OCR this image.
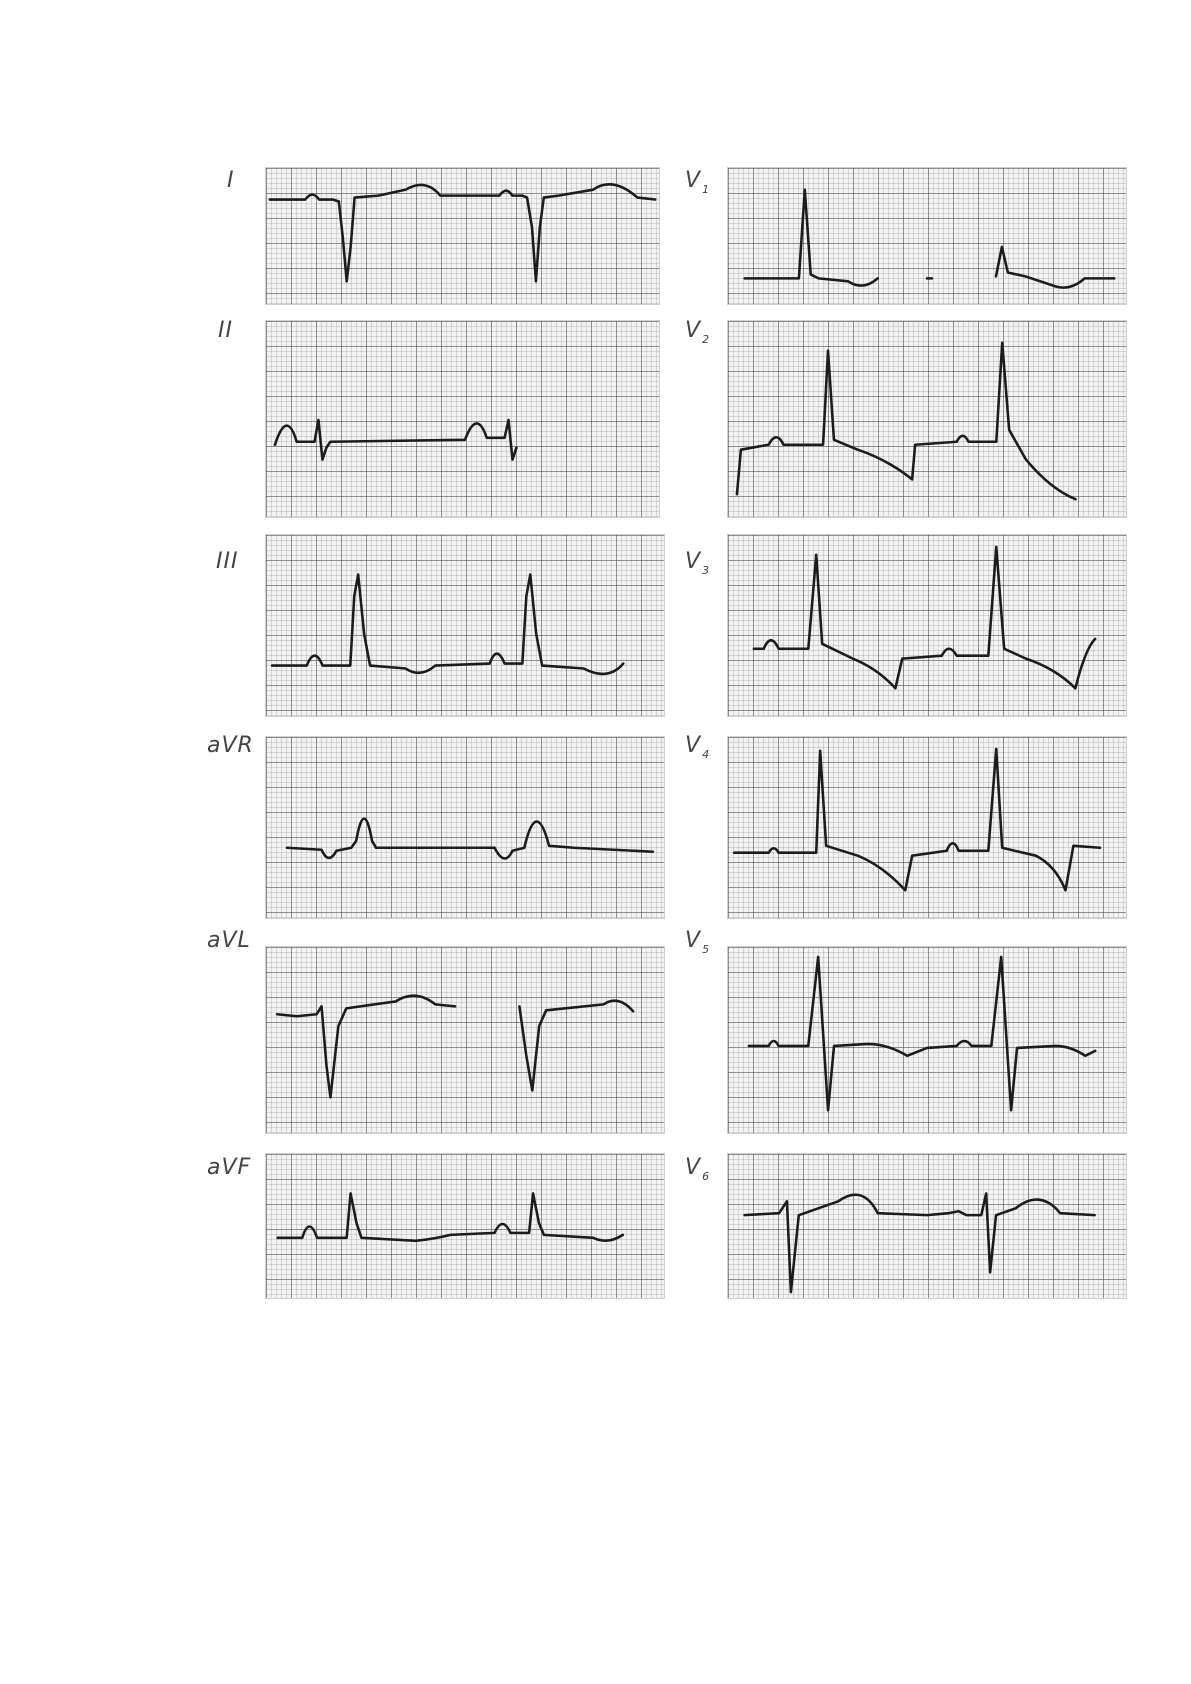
I
II
III
aVR
aVL
aVF
$V_1$
$V_2$
$V_3$
$V_4$
$V_5$
$V_6$
